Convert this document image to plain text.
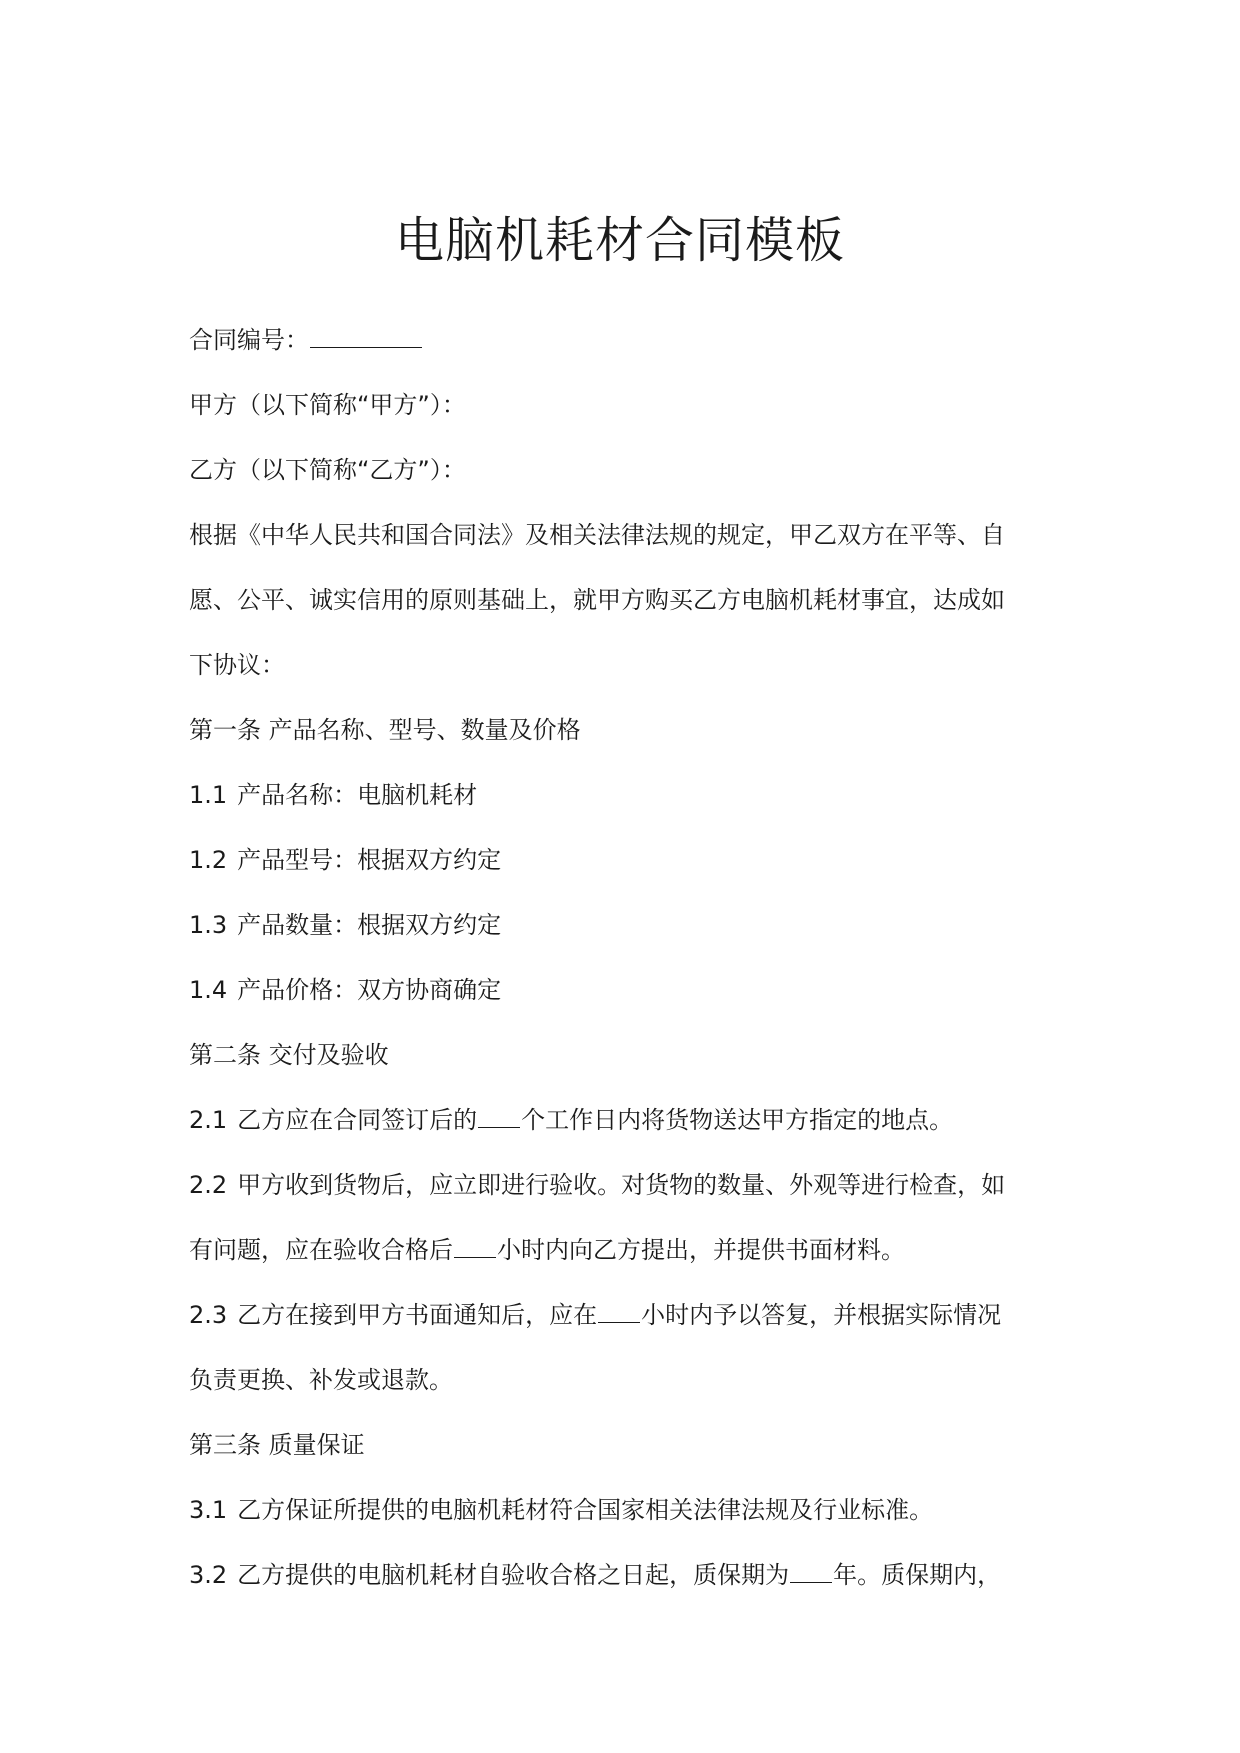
电脑机耗材合同模板
合同编号：
甲方（以下简称“甲方”）：
乙方（以下简称“乙方”）：
根据《中华人民共和国合同法》及相关法律法规的规定，甲乙双方在平等、自
愿、公平、诚实信用的原则基础上，就甲方购买乙方电脑机耗材事宜，达成如
下协议：
第一条 产品名称、型号、数量及价格
1.1 产品名称：电脑机耗材
1.2 产品型号：根据双方约定
1.3 产品数量：根据双方约定
1.4 产品价格：双方协商确定
第二条 交付及验收
2.1 乙方应在合同签订后的 个工作日内将货物送达甲方指定的地点。
2.2 甲方收到货物后，应立即进行验收。对货物的数量、外观等进行检查，如
有问题，应在验收合格后 小时内向乙方提出，并提供书面材料。
2.3 乙方在接到甲方书面通知后，应在 小时内予以答复，并根据实际情况
负责更换、补发或退款。
第三条 质量保证
3.1 乙方保证所提供的电脑机耗材符合国家相关法律法规及行业标准。
3.2 乙方提供的电脑机耗材自验收合格之日起，质保期为 年。质保期内，
